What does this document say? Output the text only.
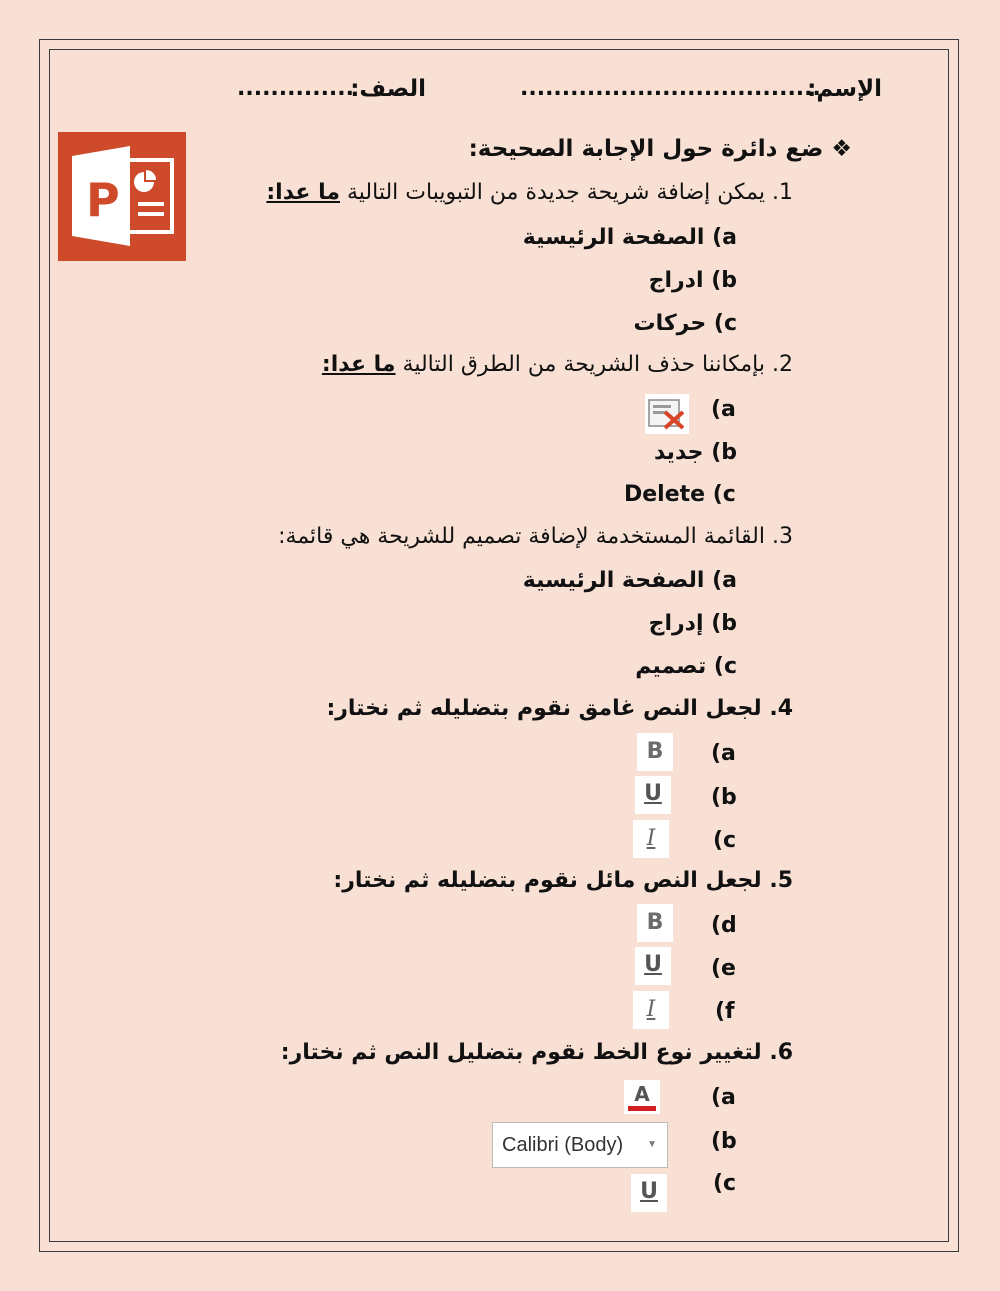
الإسم:
....................................
الصف:
..............
P
❖ ضع دائرة حول الإجابة الصحيحة:
1. يمكن إضافة شريحة جديدة من التبويبات التالية ما عدا:
a) الصفحة الرئيسية
b) ادراج
c) حركات
2. بإمكاننا حذف الشريحة من الطرق التالية ما عدا:
(a
b) جديد
Delete (c
3. القائمة المستخدمة لإضافة تصميم للشريحة هي قائمة:
a) الصفحة الرئيسية
b) إدراج
c) تصميم
4. لجعل النص غامق نقوم بتضليله ثم نختار:
(a
B
(b
U
(c
I
5. لجعل النص مائل نقوم بتضليله ثم نختار:
(d
B
(e
U
(f
I
6. لتغيير نوع الخط نقوم بتضليل النص ثم نختار:
(a
A
(b
Calibri (Body) ▼
(c
U
